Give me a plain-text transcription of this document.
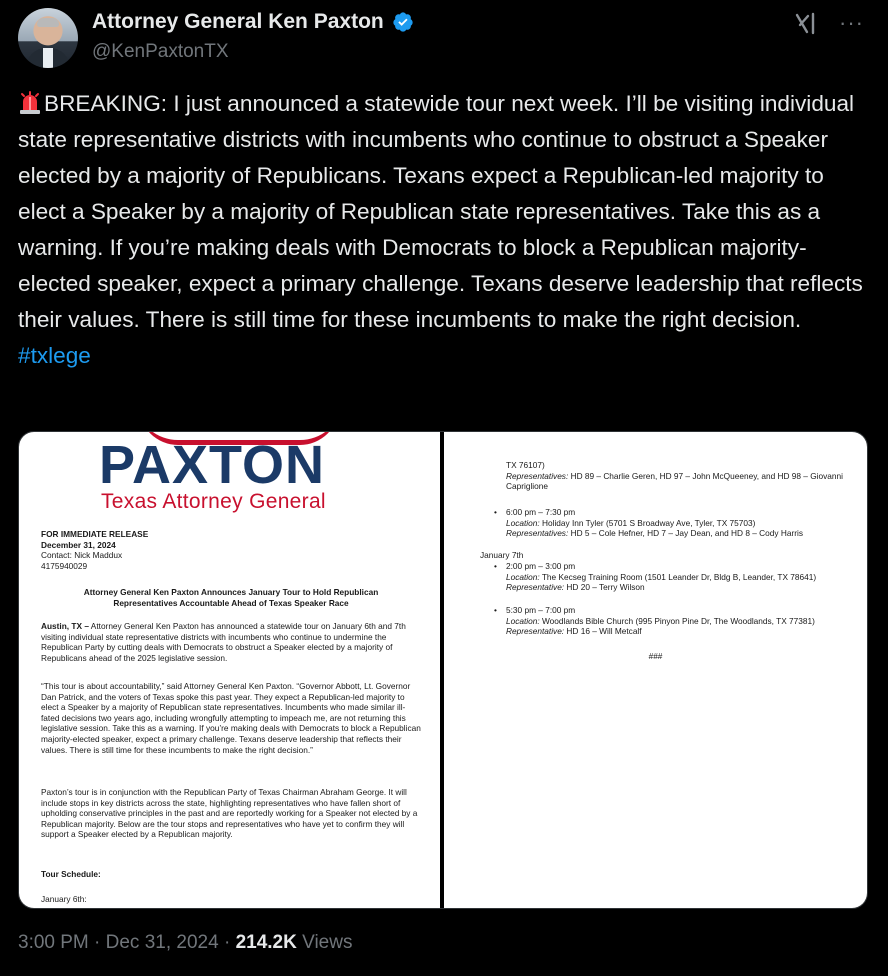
Attorney General Ken Paxton
@KenPaxtonTX
···
BREAKING: I just announced a statewide tour next week. I’ll be visiting individual state representative districts with incumbents who continue to obstruct a Speaker elected by a majority of Republicans. Texans expect a Republican-led majority to elect a Speaker by a majority of Republican state representatives. Take this as a warning. If you’re making deals with Democrats to block a Republican majority-elected speaker, expect a primary challenge. Texans deserve leadership that reflects their values. There is still time for these incumbents to make the right decision. #txlege
PAXTON
Texas Attorney General
FOR IMMEDIATE RELEASE
December 31, 2024
Contact: Nick Maddux
4175940029
Attorney General Ken Paxton Announces January Tour to Hold Republican
Representatives Accountable Ahead of Texas Speaker Race
Austin, TX – Attorney General Ken Paxton has announced a statewide tour on January 6th and 7th visiting individual state representative districts with incumbents who continue to undermine the Republican Party by cutting deals with Democrats to obstruct a Speaker elected by a majority of Republicans ahead of the 2025 legislative session.
“This tour is about accountability,” said Attorney General Ken Paxton. “Governor Abbott, Lt. Governor Dan Patrick, and the voters of Texas spoke this past year. They expect a Republican-led majority to elect a Speaker by a majority of Republican state representatives. Incumbents who made similar ill-fated decisions two years ago, including wrongfully attempting to impeach me, are not returning this legislative session. Take this as a warning. If you’re making deals with Democrats to block a Republican majority-elected speaker, expect a primary challenge. Texans deserve leadership that reflects their values. There is still time for these incumbents to make the right decision.”
Paxton’s tour is in conjunction with the Republican Party of Texas Chairman Abraham George. It will include stops in key districts across the state, highlighting representatives who have fallen short of upholding conservative principles in the past and are reportedly working for a Speaker not elected by a Republican majority. Below are the tour stops and representatives who have yet to confirm they will support a Speaker elected by a Republican majority.
Tour Schedule:
January 6th:
TX 76107)
Representatives: HD 89 – Charlie Geren, HD 97 – John McQueeney, and HD 98 – Giovanni Capriglione
• 6:00 pm – 7:30 pm
Location: Holiday Inn Tyler (5701 S Broadway Ave, Tyler, TX 75703)
Representatives: HD 5 – Cole Hefner, HD 7 – Jay Dean, and HD 8 – Cody Harris
January 7th
• 2:00 pm – 3:00 pm
Location: The Kecseg Training Room (1501 Leander Dr, Bldg B, Leander, TX 78641)
Representative: HD 20 – Terry Wilson
• 5:30 pm – 7:00 pm
Location: Woodlands Bible Church (995 Pinyon Pine Dr, The Woodlands, TX 77381)
Representative: HD 16 – Will Metcalf
###
3:00 PM · Dec 31, 2024 · 214.2K Views
